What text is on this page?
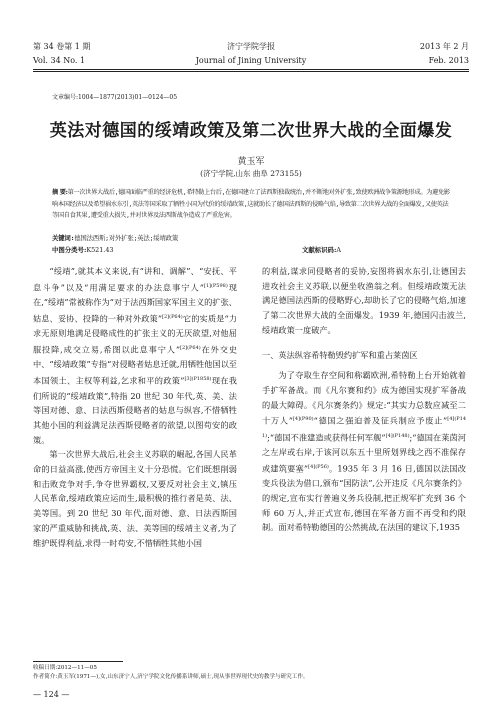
第 34 卷第 1 期	济宁学院学报	2013 年 2 月
Vol. 34 No. 1	Journal of Jining University	Feb. 2013
文章编号:1004—1877(2013)01—0124—05
英法对德国的绥靖政策及第二次世界大战的全面爆发
黄玉军
(济宁学院,山东 曲阜 273155)
摘 要:第一次世界大战后,德国面临严重的经济危机,希特勒上台后,在德国建立了法西斯独裁统治,并不断地对外扩张,致使欧洲战争策源地形成。为避免影响本国经济以及希望祸水东引,英法等国采取了牺牲小国为代价的绥靖政策,这就助长了德国法西斯的侵略气焰,导致第二次世界大战的全面爆发,又使英法等国自食其果,遭受重大损失,并对世界及法西斯战争造成了严重危害。
关键词:德国法西斯;对外扩张;英法;绥靖政策
中图分类号:K521.43	文献标识码:A

“绥靖”,就其本义来说,有“讲和、调解”、“安抚、平息斗争”以及“用满足要求的办法息事宁人”$^{[1](P598)}$现在,“绥靖”常被称作为“对于法西斯国家军国主义的扩张、姑息、妥协、投降的一种对外政策”$^{[2](P64)}$它的实质是“力求无原则地满足侵略成性的扩张主义的无厌欲望,对他屈服投降,成交立易,希图以此息事宁人”$^{[2](P64)}$在外交史中、“绥靖政策”专指“对侵略者姑息迁就,用牺牲他国以至本国领土、主权等利益,乞求和平的政策”$^{[3](P1858)}$现在我们所说的“绥靖政策”,特指 20 世纪 30 年代,英、美、法等国对德、意、日法西斯侵略者的姑息与纵容,不惜牺牲其他小国的利益满足法西斯侵略者的欲望,以图苟安的政策。

第一次世界大战后,社会主义苏联的崛起,各国人民革命的日益高涨,使西方帝国主义十分恐慌。它们既想削弱和击败竞争对手,争夺世界霸权,又要反对社会主义,镇压人民革命,绥靖政策应运而生,最积极的推行者是英、法、美等国。到 20 世纪 30 年代,面对德、意、日法西斯国家的严重威胁和挑战,英、法、美等国的绥靖主义者,为了维护既得利益,求得一时苟安,不惜牺牲其他小国

的利益,谋求同侵略者的妥协,妄图将祸水东引,让德国去进攻社会主义苏联,以便坐收渔翁之利。但绥靖政策无法满足德国法西斯的侵略野心,却助长了它的侵略气焰,加速了第二次世界大战的全面爆发。1939 年,德国闪击波兰,绥靖政策一度破产。

一、英法纵容希特勒毁约扩军和重占莱茵区

为了夺取生存空间和称霸欧洲,希特勒上台开始就着手扩军备战。而《凡尔赛和约》成为德国实现扩军备战的最大障碍。《凡尔赛条约》规定:“其实力总数应减至二十万人”$^{[4](P90)}$“德国之强迫普及征兵制应予废止”$^{[4](P141)}$;“德国不准建造或获得任何军舰”$^{[4](P148)}$;“德国在莱茵河之左岸或右岸,于该河以东五十里所划界线之西不准保存或建筑要塞”$^{[4](P56)}$。1935 年 3 月 16 日,德国以法国改变兵役法为借口,颁布“国防法”,公开违反《凡尔赛条约》的规定,宣布实行普遍义务兵役制,把正规军扩充到 36 个师 60 万人,并正式宣布,德国在军备方面不再受和约限制。面对希特勒德国的公然挑战,在法国的建议下,1935

收稿日期:2012—11—05
作者简介:黄玉军(1971—),女,山东济宁人,济宁学院文化传播系讲师,硕士,现从事世界现代史的教学与研究工作。
— 124 —
